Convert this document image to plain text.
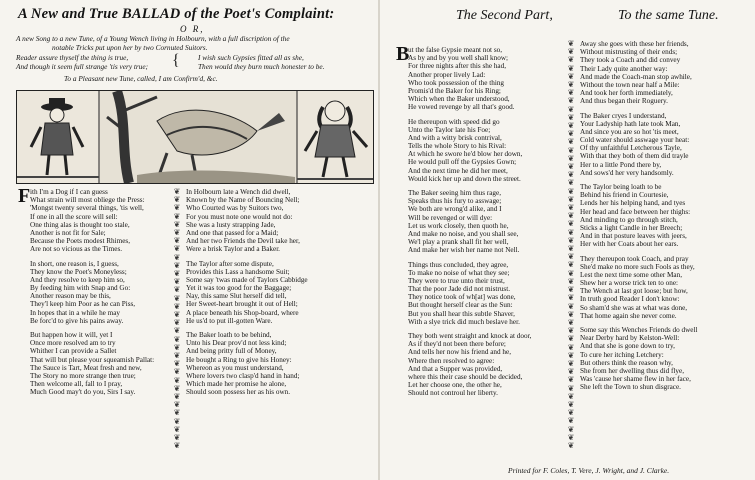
A New and True BALLAD of the Poet's Complaint:	The Second Part,	To the same Tune.
O R,
A new Song to a new Tune, of a Young Wench living in Holbourn, with a full discription of the
notable Tricks put upon her by two Cornuted Suitors.
Reader assure thyself the thing is true,	I wish such Gypsies fitted all as she,
And though it seem full strange 'tis very true;	Then would they burn much honester to be.
{
To a Pleasant new Tune, called, I am Confirm'd, &c.
F ith I'm a Dog if I can guess
What strain will most obliege the Press:
'Mongst twenty several things, 'tis well,
If one in all the score will sell:
One thing alas is thought too stale,
Another is not fit for Sale;
Because the Poets modest Rhimes,
Are not so vicious as the Times.
In short, one reason is, I guess,
They know the Poet's Moneyless;
And they resolve to keep him so,
By feeding him with Snap and Go:
Another reason may be this,
They'l keep him Poor as he can Piss,
In hopes that in a while he may
Be forc'd to give his pains away.
But happen how it will, yet I
Once more resolved am to try
Whither I can provide a Sallet
That will but please your squeamish Pallat:
The Sauce is Tart, Meat fresh and new,
The Story no more strange then true;
Then welcome all, fall to I pray,
Much Good may't do you, Sirs I say.
❦
❦
❦
❦
❦
❦
❦
❦
❦
❦
❦
❦
❦
❦
❦
❦
❦
❦
❦
❦
❦
❦
❦
❦
❦
❦
❦
❦
❦
❦
❦
❦
In Holbourn late a Wench did dwell,
Known by the Name of Bouncing Nell;
Who Courted was by Suitors two,
For you must note one would not do:
She was a lusty strapping Jade,
And one that passed for a Maid;
And her two Friends the Devil take her,
Were a brisk Taylor and a Baker.
The Taylor after some dispute,
Provides this Lass a handsome Suit;
Some say 'twas made of Taylors Cabbidge
Yet it was too good for the Baggage;
Nay, this same Slut herself did tell,
Her Sweet-heart brought it out of Hell;
A place beneath his Shop-board, where
He us'd to put ill-gotten Ware.
The Baker loath to be behind,
Unto his Dear prov'd not less kind;
And being pritty full of Money,
He bought a Ring to give his Honey:
Whereon as you must understand,
Where lovers two clasp'd hand in hand;
Which made her promise he alone,
Should soon possess her as his own.
B
ut the false Gypsie meant not so,
As by and by you well shall know;
For three nights after this she had,
Another proper lively Lad:
Who took possession of the thing
Promis'd the Baker for his Ring;
Which when the Baker understood,
He vowed revenge by all that's good.
He thereupon with speed did go
Unto the Taylor late his Foe;
And with a witty brisk contrival,
Tells the whole Story to his Rival:
At which he swore he'd blow her down,
He would pull off the Gypsies Gown;
And the next time he did her meet,
Would kick her up and down the street.
The Baker seeing him thus rage,
Speaks thus his fury to asswage;
We both are wrong'd alike, and I
Will be revenged or will dye:
Let us work closely, then quoth he,
And make no noise, and you shall see,
We'l play a prank shall fit her well,
And make her wish her name not Nell.
Things thus concluded, they agree,
To make no noise of what they see;
They were to true unto their trust,
That the poor Jade did not mistrust.
They notice took of wh[at] was done,
But thought herself clear as the Sun:
But you shall hear this subtle Shaver,
With a slye trick did much beslave her.
They both went straight and knock at door,
As if they'd not been there before;
And tells her now his friend and he,
Where then resolved to agree:
And that a Supper was provided,
where this their case should be decided,
Let her choose one, the other he,
Should not controul her liberty.
❦
❦
❦
❦
❦
❦
❦
❦
❦
❦
❦
❦
❦
❦
❦
❦
❦
❦
❦
❦
❦
❦
❦
❦
❦
❦
❦
❦
❦
❦
❦
❦
❦
❦
❦
❦
❦
❦
❦
❦
❦
❦
❦
❦
❦
❦
❦
❦
❦
❦
Away she goes with these her friends,
Without mistrusting of their ends;
They took a Coach and did convey
Their Lady quite another way:
And made the Coach-man stop awhile,
Without the town near half a Mile:
And took her forth immediately,
And thus began their Roguery.
The Baker cryes I understand,
Your Ladyship hath late took Man,
And since you are so hot 'tis meet,
Cold water should asswage your heat:
Of thy unfaithful Letcherous Tayle,
With that they both of them did trayle
Her to a little Pond there by,
And sows'd her very handsomly.
The Taylor being loath to be
Behind his friend in Courtesie,
Lends her his helping hand, and tyes
Her head and face between her thighs:
And minding to go through stitch,
Sticks a light Candle in her Breech;
And in that posture leaves with jeers,
Her with her Coats about her ears.
They thereupon took Coach, and pray
She'd make no more such Fools as they,
Lest the next time some other Man,
Shew her a worse trick ten to one:
The Wench at last got loose; but how,
In truth good Reader I don't know:
So sham'd she was at what was done,
That home again she never come.
Some say this Wenches Friends do dwell
Near Derby hard by Kelston-Well:
And that she is gone down to try,
To cure her itching Letchery:
But others think the reason why,
She from her dwelling thus did flye,
Was 'cause her shame flew in her face,
She left the Town to shun disgrace.
Printed for F. Coles, T. Vere, J. Wright, and J. Clarke.
